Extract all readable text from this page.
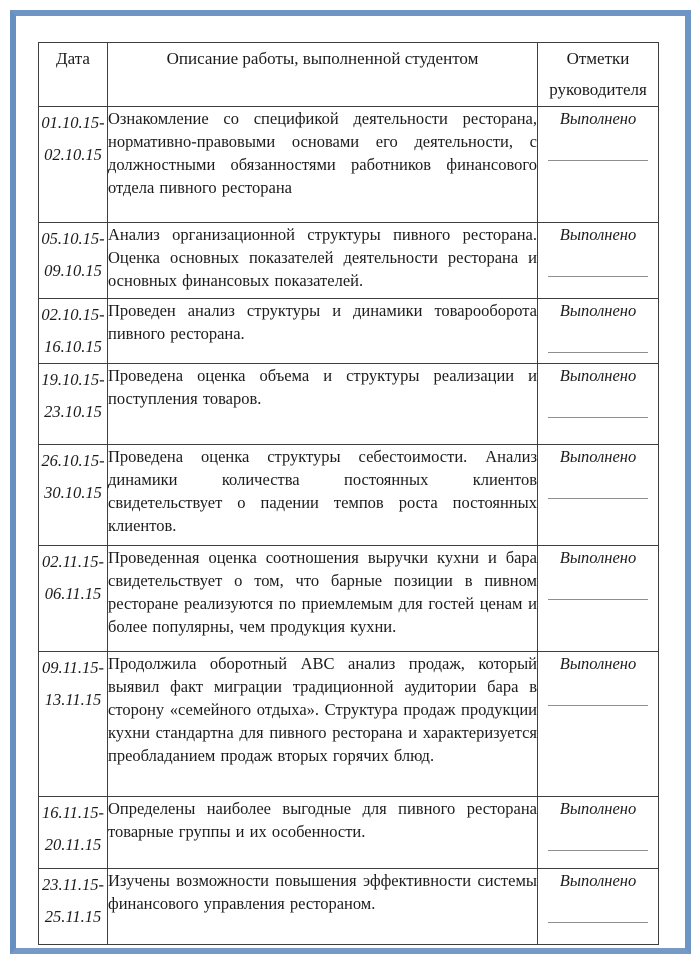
Дата	Описание работы, выполненной студентом	Отметки руководителя
01.10.15-
02.10.15	Ознакомление со спецификой деятельности ресторана, нормативно-правовыми основами его деятельности, с должностными обязанностями работников финансового отдела пивного ресторана	Выполнено

05.10.15-
09.10.15	Анализ организационной структуры пивного ресторана. Оценка основных показателей деятельности ресторана и основных финансовых показателей.	Выполнено

02.10.15-
16.10.15	Проведен анализ структуры и динамики товарооборота пивного ресторана.	Выполнено

19.10.15-
23.10.15	Проведена оценка объема и структуры реализации и поступления товаров.	Выполнено

26.10.15-
30.10.15	Проведена оценка структуры себестоимости. Анализ динамики количества постоянных клиентов свидетельствует о падении темпов роста постоянных клиентов.	Выполнено

02.11.15-
06.11.15	Проведенная оценка соотношения выручки кухни и бара свидетельствует о том, что барные позиции в пивном ресторане реализуются по приемлемым для гостей ценам и более популярны, чем продукция кухни.	Выполнено

09.11.15-
13.11.15	Продолжила оборотный АВС анализ продаж, который выявил факт миграции традиционной аудитории бара в сторону «семейного отдыха». Структура продаж продукции кухни стандартна для пивного ресторана и характеризуется преобладанием продаж вторых горячих блюд.	Выполнено

16.11.15-
20.11.15	Определены наиболее выгодные для пивного ресторана товарные группы и их особенности.	Выполнено

23.11.15-
25.11.15	Изучены возможности повышения эффективности системы финансового управления рестораном.	Выполнено
